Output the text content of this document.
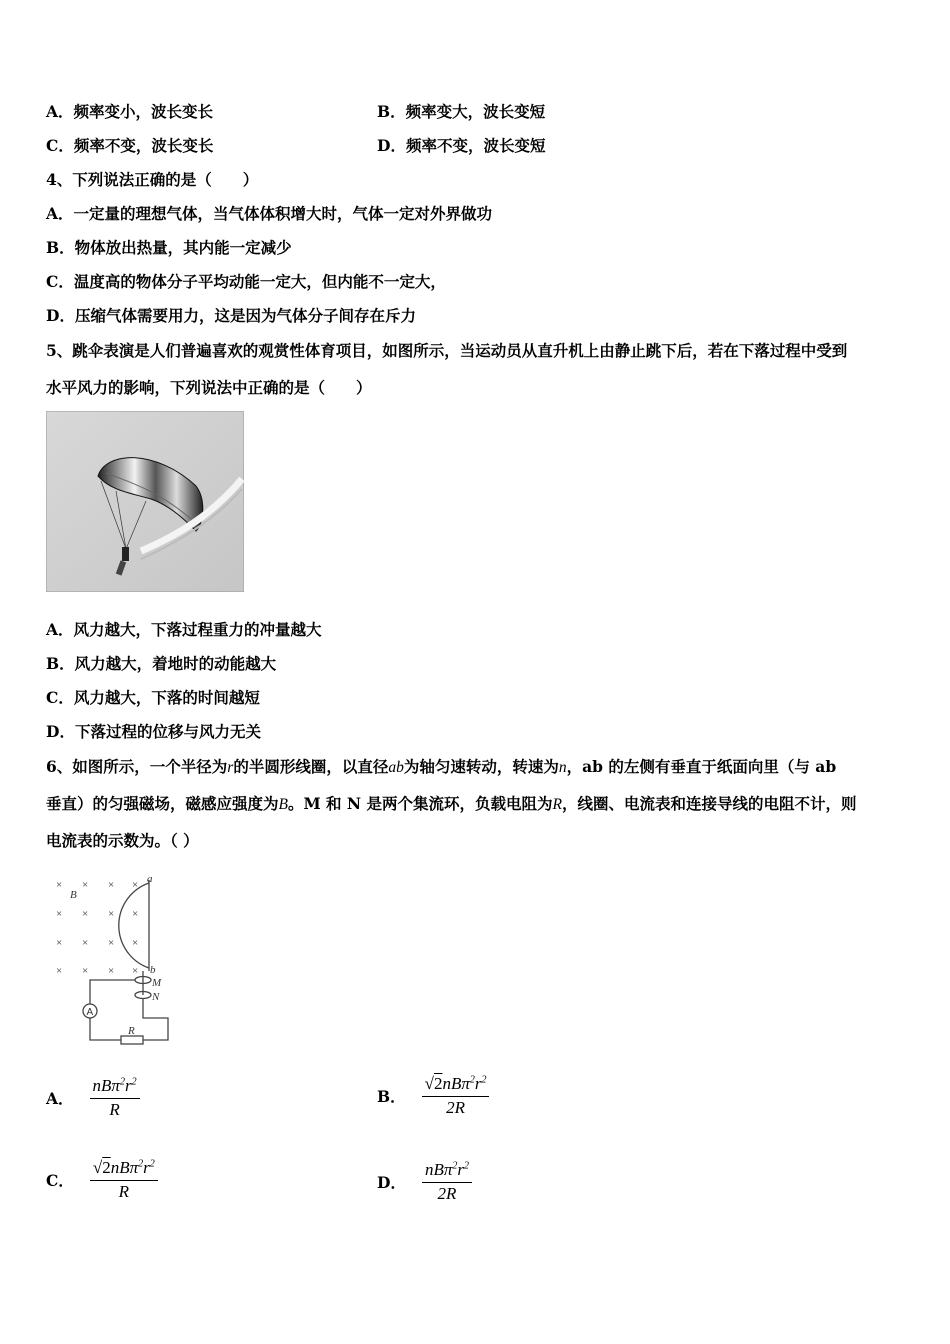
A．频率变小，波长变长	B．频率变大，波长变短
C．频率不变，波长变长	D．频率不变，波长变短
4、下列说法正确的是（　　）
A．一定量的理想气体，当气体体积增大时，气体一定对外界做功
B．物体放出热量，其内能一定减少
C．温度高的物体分子平均动能一定大，但内能不一定大，
D．压缩气体需要用力，这是因为气体分子间存在斥力
5、跳伞表演是人们普遍喜欢的观赏性体育项目，如图所示，当运动员从直升机上由静止跳下后，若在下落过程中受到
水平风力的影响，下列说法中正确的是（　　）
A．风力越大，下落过程重力的冲量越大
B．风力越大，着地时的动能越大
C．风力越大，下落的时间越短
D．下落过程的位移与风力无关
6、如图所示，一个半径为r的半圆形线圈，以直径ab为轴匀速转动，转速为n，ab 的左侧有垂直于纸面向里（与 ab
垂直）的匀强磁场，磁感应强度为B。M 和 N 是两个集流环，负载电阻为R，线圈、电流表和连接导线的电阻不计，则
电流表的示数为。（ ）
× × × ×
× × × ×
× × × ×
× × × ×
B
a
b
M
N
R
A
A． $\frac{nB\pi^2r^2}{R}$	B． $\frac{√2nB\pi^2r^2}{2R}$
C． $\frac{√2nB\pi^2r^2}{R}$	D． $\frac{nB\pi^2r^2}{2R}$
